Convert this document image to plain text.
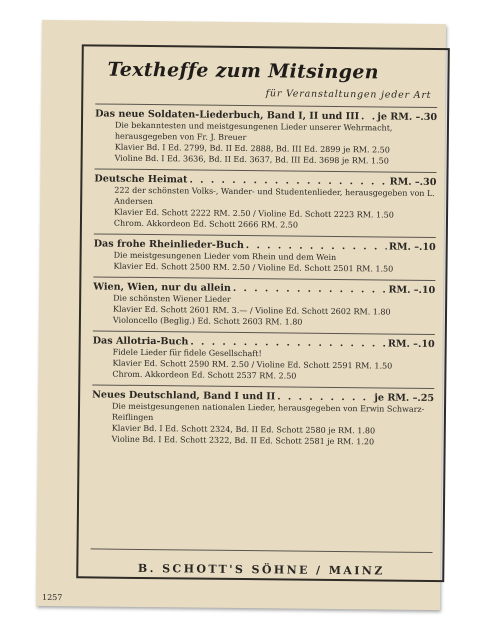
Textheffe zum Mitsingen
für Veranstaltungen jeder Art
Das neue Soldaten-Liederbuch, Band I, II und III . . . je RM. –.30
Die bekanntesten und meistgesungenen Lieder unserer Wehrmacht, herausgegeben von Fr. J. Breuer
Klavier Bd. I Ed. 2799, Bd. II Ed. 2888, Bd. III Ed. 2899 je RM. 2.50
Violine Bd. I Ed. 3636, Bd. II Ed. 3637, Bd. III Ed. 3698 je RM. 1.50
Deutsche Heimat . . .	RM. –.30
222 der schönsten Volks-, Wander- und Studentenlieder, herausgegeben von L. Andersen
Klavier Ed. Schott 2222 RM. 2.50 / Violine Ed. Schott 2223 RM. 1.50
Chrom. Akkordeon Ed. Schott 2666 RM. 2.50
Das frohe Rheinlieder-Buch . . .	RM. –.10
Die meistgesungenen Lieder vom Rhein und dem Wein
Klavier Ed. Schott 2500 RM. 2.50 / Violine Ed. Schott 2501 RM. 1.50
Wien, Wien, nur du allein . . .	RM. –.10
Die schönsten Wiener Lieder
Klavier Ed. Schott 2601 RM. 3.— / Violine Ed. Schott 2602 RM. 1.80
Violoncello (Beglig.) Ed. Schott 2603 RM. 1.80
Das Allotria-Buch . . .	RM. –.10
Fidele Lieder für fidele Gesellschaft!
Klavier Ed. Schott 2590 RM. 2.50 / Violine Ed. Schott 2591 RM. 1.50
Chrom. Akkordeon Ed. Schott 2537 RM. 2.50
Neues Deutschland, Band I und II . . .	je RM. –.25
Die meistgesungenen nationalen Lieder, herausgegeben von Erwin Schwarz-Reiflingen
Klavier Bd. I Ed. Schott 2324, Bd. II Ed. Schott 2580 je RM. 1.80
Violine Bd. I Ed. Schott 2322, Bd. II Ed. Schott 2581 je RM. 1.20
B. SCHOTT'S SÖHNE / MAINZ
1257
